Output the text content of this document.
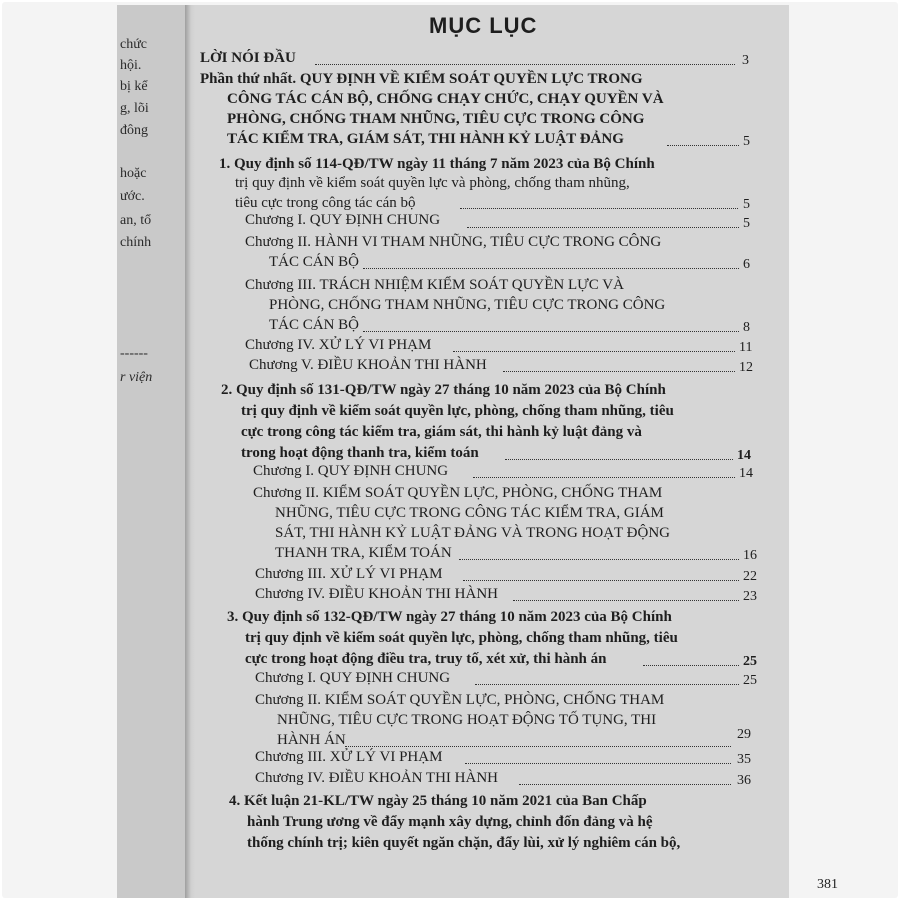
chức
hội.
bị kể
g, lõi
đông
hoặc
ước.
an, tổ
chính
------
r viện
MỤC LỤC
LỜI NÓI ĐẦU	3
Phần thứ nhất. QUY ĐỊNH VỀ KIỂM SOÁT QUYỀN LỰC TRONG
CÔNG TÁC CÁN BỘ, CHỐNG CHẠY CHỨC, CHẠY QUYỀN VÀ
PHÒNG, CHỐNG THAM NHŨNG, TIÊU CỰC TRONG CÔNG
TÁC KIỂM TRA, GIÁM SÁT, THI HÀNH KỶ LUẬT ĐẢNG	5
1. Quy định số 114-QĐ/TW ngày 11 tháng 7 năm 2023 của Bộ Chính
trị quy định về kiểm soát quyền lực và phòng, chống tham nhũng,
tiêu cực trong công tác cán bộ	5
Chương I. QUY ĐỊNH CHUNG	5
Chương II. HÀNH VI THAM NHŨNG, TIÊU CỰC TRONG CÔNG
TÁC CÁN BỘ	6
Chương III. TRÁCH NHIỆM KIỂM SOÁT QUYỀN LỰC VÀ
PHÒNG, CHỐNG THAM NHŨNG, TIÊU CỰC TRONG CÔNG
TÁC CÁN BỘ	8
Chương IV. XỬ LÝ VI PHẠM	11
Chương V. ĐIỀU KHOẢN THI HÀNH	12
2. Quy định số 131-QĐ/TW ngày 27 tháng 10 năm 2023 của Bộ Chính
trị quy định về kiểm soát quyền lực, phòng, chống tham nhũng, tiêu
cực trong công tác kiểm tra, giám sát, thi hành kỷ luật đảng và
trong hoạt động thanh tra, kiểm toán	14
Chương I. QUY ĐỊNH CHUNG	14
Chương II. KIỂM SOÁT QUYỀN LỰC, PHÒNG, CHỐNG THAM
NHŨNG, TIÊU CỰC TRONG CÔNG TÁC KIỂM TRA, GIÁM
SÁT, THI HÀNH KỶ LUẬT ĐẢNG VÀ TRONG HOẠT ĐỘNG
THANH TRA, KIỂM TOÁN	16
Chương III. XỬ LÝ VI PHẠM	22
Chương IV. ĐIỀU KHOẢN THI HÀNH	23
3. Quy định số 132-QĐ/TW ngày 27 tháng 10 năm 2023 của Bộ Chính
trị quy định về kiểm soát quyền lực, phòng, chống tham nhũng, tiêu
cực trong hoạt động điều tra, truy tố, xét xử, thi hành án	25
Chương I. QUY ĐỊNH CHUNG	25
Chương II. KIỂM SOÁT QUYỀN LỰC, PHÒNG, CHỐNG THAM
NHŨNG, TIÊU CỰC TRONG HOẠT ĐỘNG TỐ TỤNG, THI
HÀNH ÁN	29
Chương III. XỬ LÝ VI PHẠM	35
Chương IV. ĐIỀU KHOẢN THI HÀNH	36
4. Kết luận 21-KL/TW ngày 25 tháng 10 năm 2021 của Ban Chấp
hành Trung ương về đẩy mạnh xây dựng, chỉnh đốn đảng và hệ
thống chính trị; kiên quyết ngăn chặn, đẩy lùi, xử lý nghiêm cán bộ,
381
